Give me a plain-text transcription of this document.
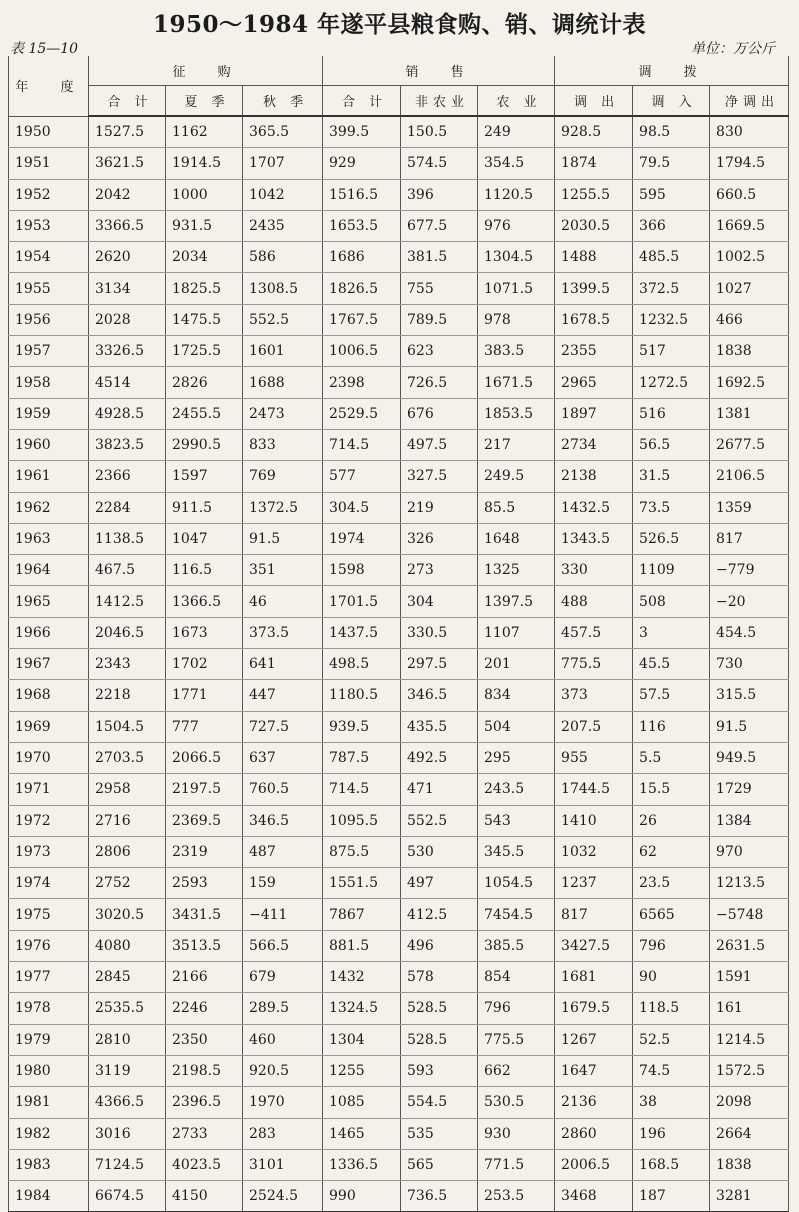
1950～1984 年遂平县粮食购、销、调统计表
表 15—10	单位：万公斤
年 度	征 购			销 售			调 拨		
	合 计	夏 季	秋 季	合 计	非农业	农 业	调 出	调 入	净调出
1950	1527.5	1162	365.5	399.5	150.5	249	928.5	98.5	830
1951	3621.5	1914.5	1707	929	574.5	354.5	1874	79.5	1794.5
1952	2042	1000	1042	1516.5	396	1120.5	1255.5	595	660.5
1953	3366.5	931.5	2435	1653.5	677.5	976	2030.5	366	1669.5
1954	2620	2034	586	1686	381.5	1304.5	1488	485.5	1002.5
1955	3134	1825.5	1308.5	1826.5	755	1071.5	1399.5	372.5	1027
1956	2028	1475.5	552.5	1767.5	789.5	978	1678.5	1232.5	466
1957	3326.5	1725.5	1601	1006.5	623	383.5	2355	517	1838
1958	4514	2826	1688	2398	726.5	1671.5	2965	1272.5	1692.5
1959	4928.5	2455.5	2473	2529.5	676	1853.5	1897	516	1381
1960	3823.5	2990.5	833	714.5	497.5	217	2734	56.5	2677.5
1961	2366	1597	769	577	327.5	249.5	2138	31.5	2106.5
1962	2284	911.5	1372.5	304.5	219	85.5	1432.5	73.5	1359
1963	1138.5	1047	91.5	1974	326	1648	1343.5	526.5	817
1964	467.5	116.5	351	1598	273	1325	330	1109	−779
1965	1412.5	1366.5	46	1701.5	304	1397.5	488	508	−20
1966	2046.5	1673	373.5	1437.5	330.5	1107	457.5	3	454.5
1967	2343	1702	641	498.5	297.5	201	775.5	45.5	730
1968	2218	1771	447	1180.5	346.5	834	373	57.5	315.5
1969	1504.5	777	727.5	939.5	435.5	504	207.5	116	91.5
1970	2703.5	2066.5	637	787.5	492.5	295	955	5.5	949.5
1971	2958	2197.5	760.5	714.5	471	243.5	1744.5	15.5	1729
1972	2716	2369.5	346.5	1095.5	552.5	543	1410	26	1384
1973	2806	2319	487	875.5	530	345.5	1032	62	970
1974	2752	2593	159	1551.5	497	1054.5	1237	23.5	1213.5
1975	3020.5	3431.5	−411	7867	412.5	7454.5	817	6565	−5748
1976	4080	3513.5	566.5	881.5	496	385.5	3427.5	796	2631.5
1977	2845	2166	679	1432	578	854	1681	90	1591
1978	2535.5	2246	289.5	1324.5	528.5	796	1679.5	118.5	161
1979	2810	2350	460	1304	528.5	775.5	1267	52.5	1214.5
1980	3119	2198.5	920.5	1255	593	662	1647	74.5	1572.5
1981	4366.5	2396.5	1970	1085	554.5	530.5	2136	38	2098
1982	3016	2733	283	1465	535	930	2860	196	2664
1983	7124.5	4023.5	3101	1336.5	565	771.5	2006.5	168.5	1838
1984	6674.5	4150	2524.5	990	736.5	253.5	3468	187	3281
